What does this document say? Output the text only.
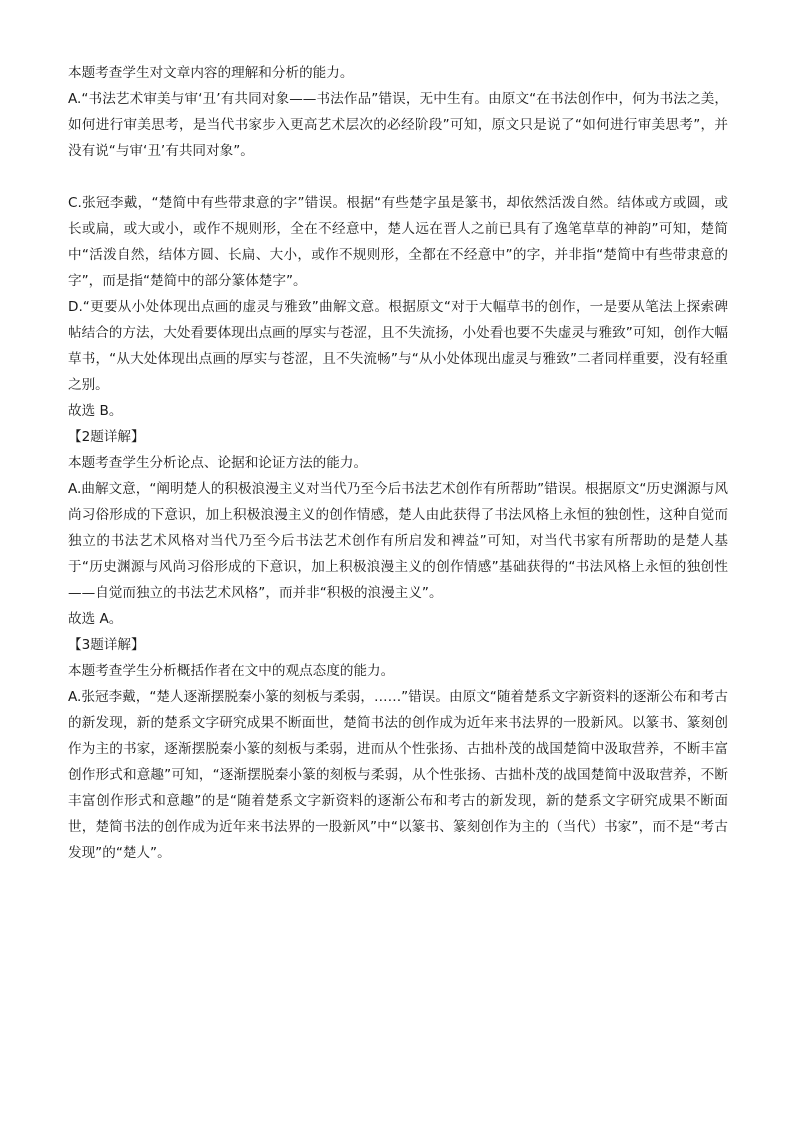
本题考查学生对文章内容的理解和分析的能力。

A.“书法艺术审美与审‘丑’有共同对象——书法作品”错误，无中生有。由原文“在书法创作中，何为书法之美，如何进行审美思考，是当代书家步入更高艺术层次的必经阶段”可知，原文只是说了“如何进行审美思考”，并没有说“与审‘丑’有共同对象”。

C.张冠李戴，“楚简中有些带隶意的字”错误。根据“有些楚字虽是篆书，却依然活泼自然。结体或方或圆，或长或扁，或大或小，或作不规则形，全在不经意中，楚人远在晋人之前已具有了逸笔草草的神韵”可知，楚简中“活泼自然，结体方圆、长扁、大小，或作不规则形，全都在不经意中”的字，并非指“楚简中有些带隶意的字”，而是指“楚简中的部分篆体楚字”。

D.“更要从小处体现出点画的虚灵与雅致”曲解文意。根据原文“对于大幅草书的创作，一是要从笔法上探索碑帖结合的方法，大处看要体现出点画的厚实与苍涩，且不失流扬，小处看也要不失虚灵与雅致”可知，创作大幅草书，“从大处体现出点画的厚实与苍涩，且不失流畅”与“从小处体现出虚灵与雅致”二者同样重要，没有轻重之别。

故选 B。

【2题详解】

本题考查学生分析论点、论据和论证方法的能力。

A.曲解文意，“阐明楚人的积极浪漫主义对当代乃至今后书法艺术创作有所帮助”错误。根据原文“历史渊源与风尚习俗形成的下意识，加上积极浪漫主义的创作情感，楚人由此获得了书法风格上永恒的独创性，这种自觉而独立的书法艺术风格对当代乃至今后书法艺术创作有所启发和裨益”可知，对当代书家有所帮助的是楚人基于“历史渊源与风尚习俗形成的下意识，加上积极浪漫主义的创作情感”基础获得的“书法风格上永恒的独创性——自觉而独立的书法艺术风格”，而并非“积极的浪漫主义”。

故选 A。

【3题详解】

本题考查学生分析概括作者在文中的观点态度的能力。

A.张冠李戴，“楚人逐渐摆脱秦小篆的刻板与柔弱，……”错误。由原文“随着楚系文字新资料的逐渐公布和考古的新发现，新的楚系文字研究成果不断面世，楚简书法的创作成为近年来书法界的一股新风。以篆书、篆刻创作为主的书家，逐渐摆脱秦小篆的刻板与柔弱，进而从个性张扬、古拙朴茂的战国楚简中汲取营养，不断丰富创作形式和意趣”可知，“逐渐摆脱秦小篆的刻板与柔弱，从个性张扬、古拙朴茂的战国楚简中汲取营养，不断丰富创作形式和意趣”的是“随着楚系文字新资料的逐渐公布和考古的新发现，新的楚系文字研究成果不断面世，楚简书法的创作成为近年来书法界的一股新风”中“以篆书、篆刻创作为主的（当代）书家”，而不是“考古发现”的“楚人”。
